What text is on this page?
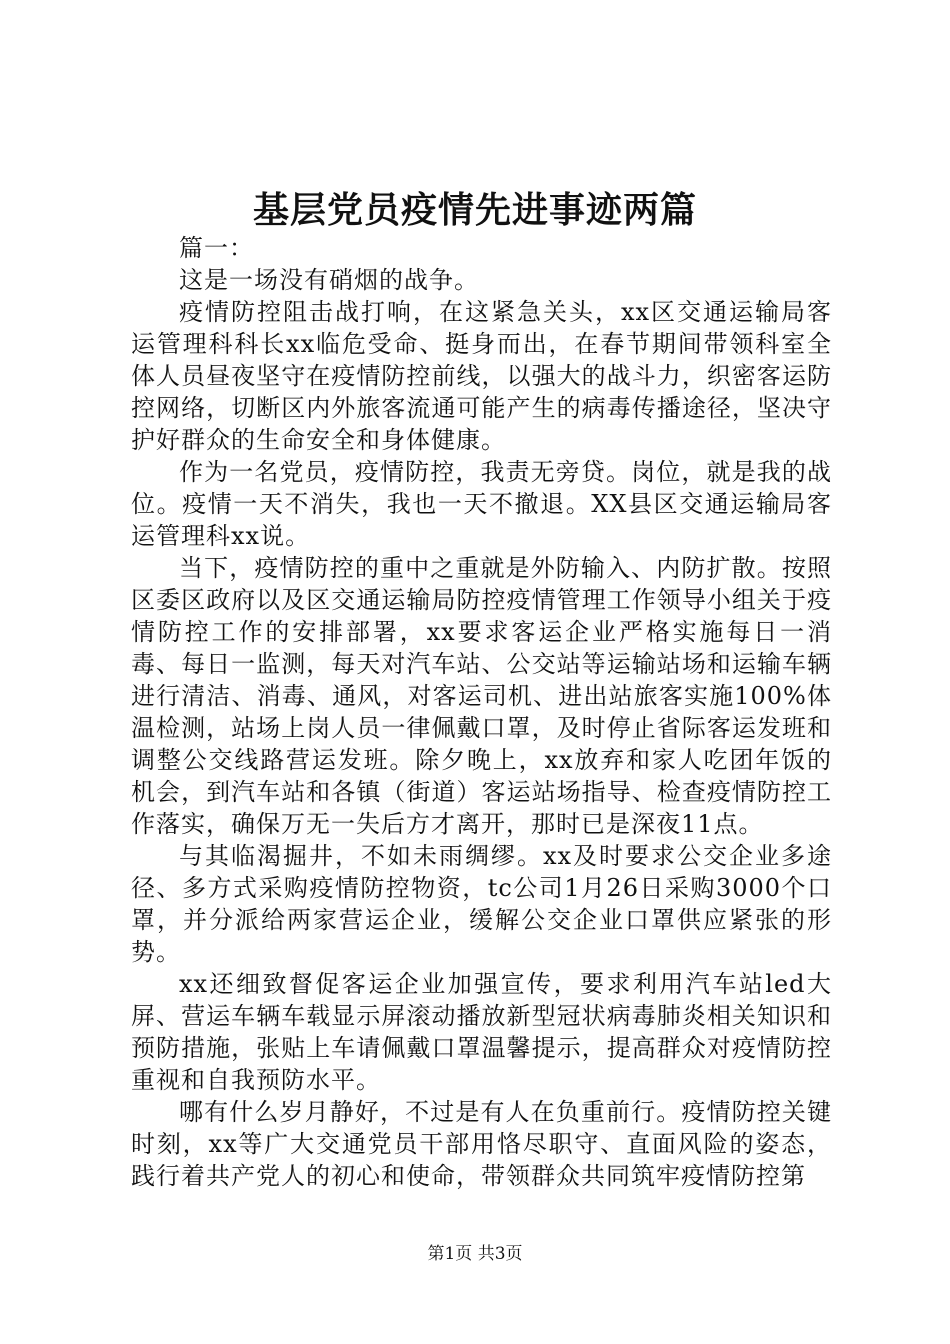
基层党员疫情先进事迹两篇

篇一：

这是一场没有硝烟的战争。

疫情防控阻击战打响，在这紧急关头，xx区交通运输局客运管理科科长xx临危受命、挺身而出，在春节期间带领科室全体人员昼夜坚守在疫情防控前线，以强大的战斗力，织密客运防控网络，切断区内外旅客流通可能产生的病毒传播途径，坚决守护好群众的生命安全和身体健康。

作为一名党员，疫情防控，我责无旁贷。岗位，就是我的战位。疫情一天不消失，我也一天不撤退。XX县区交通运输局客运管理科xx说。

当下，疫情防控的重中之重就是外防输入、内防扩散。按照区委区政府以及区交通运输局防控疫情管理工作领导小组关于疫情防控工作的安排部署，xx要求客运企业严格实施每日一消毒、每日一监测，每天对汽车站、公交站等运输站场和运输车辆进行清洁、消毒、通风，对客运司机、进出站旅客实施100%体温检测，站场上岗人员一律佩戴口罩，及时停止省际客运发班和调整公交线路营运发班。除夕晚上，xx放弃和家人吃团年饭的机会，到汽车站和各镇（街道）客运站场指导、检查疫情防控工作落实，确保万无一失后方才离开，那时已是深夜11点。

与其临渴掘井，不如未雨绸缪。xx及时要求公交企业多途径、多方式采购疫情防控物资，tc公司1月26日采购3000个口罩，并分派给两家营运企业，缓解公交企业口罩供应紧张的形势。

xx还细致督促客运企业加强宣传，要求利用汽车站led大屏、营运车辆车载显示屏滚动播放新型冠状病毒肺炎相关知识和预防措施，张贴上车请佩戴口罩温馨提示，提高群众对疫情防控重视和自我预防水平。

哪有什么岁月静好，不过是有人在负重前行。疫情防控关键时刻，xx等广大交通党员干部用恪尽职守、直面风险的姿态，践行着共产党人的初心和使命，带领群众共同筑牢疫情防控第

第1页 共3页
